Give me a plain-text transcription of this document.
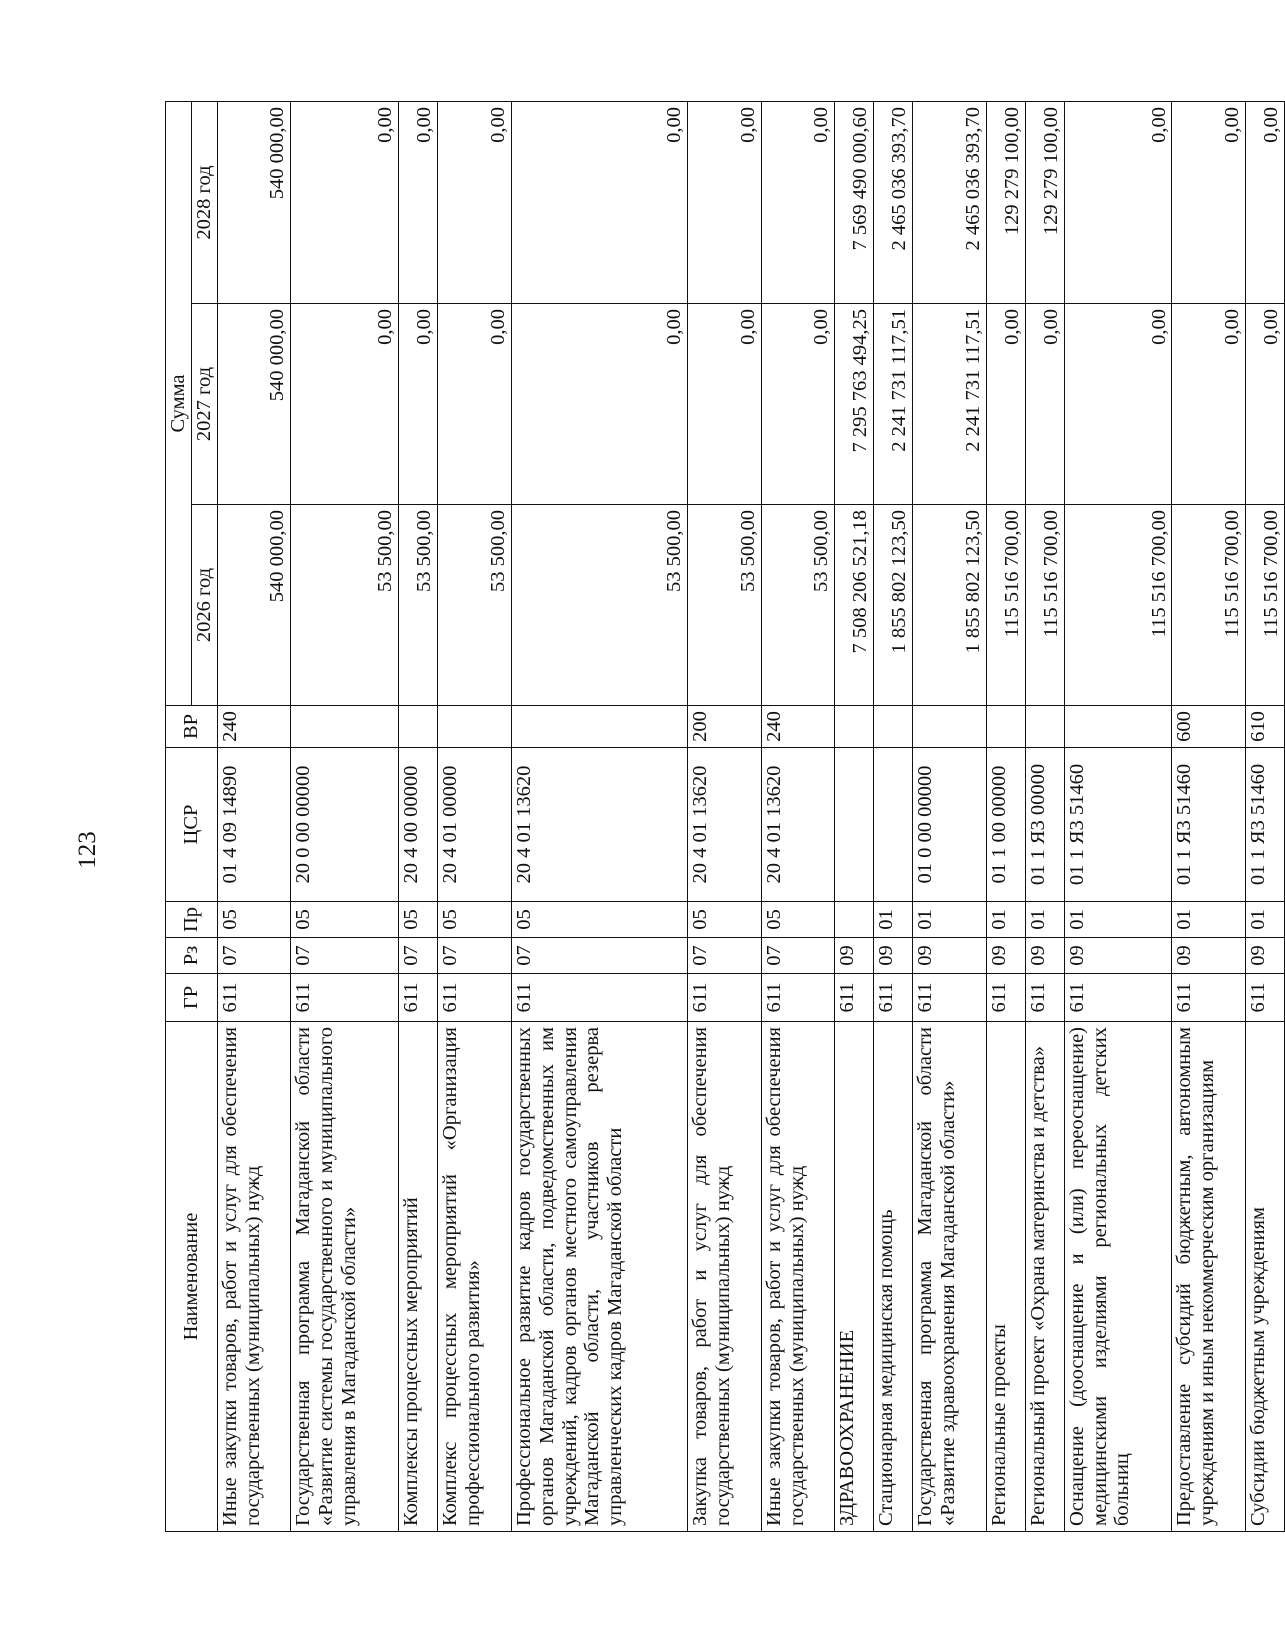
123
Наименование	ГР	Рз	Пр	ЦСР	ВР	Сумма		
						2026 год	2027 год	2028 год
Иные закупки товаров, работ и услуг для обеспечения государственных (муниципальных) нужд	611	07	05	01 4 09 14890	240	540 000,00	540 000,00	540 000,00
Государственная программа Магаданской области «Развитие системы государственного и муниципального управления в Магаданской области»	611	07	05	20 0 00 00000		53 500,00	0,00	0,00
Комплексы процессных мероприятий	611	07	05	20 4 00 00000		53 500,00	0,00	0,00
Комплекс процессных мероприятий «Организация профессионального развития»	611	07	05	20 4 01 00000		53 500,00	0,00	0,00
Профессиональное развитие кадров государственных органов Магаданской области, подведомственных им учреждений, кадров органов местного самоуправления Магаданской области, участников резерва управленческих кадров Магаданской области	611	07	05	20 4 01 13620		53 500,00	0,00	0,00
Закупка товаров, работ и услуг для обеспечения государственных (муниципальных) нужд	611	07	05	20 4 01 13620	200	53 500,00	0,00	0,00
Иные закупки товаров, работ и услуг для обеспечения государственных (муниципальных) нужд	611	07	05	20 4 01 13620	240	53 500,00	0,00	0,00
ЗДРАВООХРАНЕНИЕ	611	09				7 508 206 521,18	7 295 763 494,25	7 569 490 000,60
Стационарная медицинская помощь	611	09	01			1 855 802 123,50	2 241 731 117,51	2 465 036 393,70
Государственная программа Магаданской области «Развитие здравоохранения Магаданской области»	611	09	01	01 0 00 00000		1 855 802 123,50	2 241 731 117,51	2 465 036 393,70
Региональные проекты	611	09	01	01 1 00 00000		115 516 700,00	0,00	129 279 100,00
Региональный проект «Охрана материнства и детства»	611	09	01	01 1 Я3 00000		115 516 700,00	0,00	129 279 100,00
Оснащение (дооснащение и (или) переоснащение) медицинскими изделиями региональных детских больниц	611	09	01	01 1 Я3 51460		115 516 700,00	0,00	0,00
Предоставление субсидий бюджетным, автономным учреждениям и иным некоммерческим организациям	611	09	01	01 1 Я3 51460	600	115 516 700,00	0,00	0,00
Субсидии бюджетным учреждениям	611	09	01	01 1 Я3 51460	610	115 516 700,00	0,00	0,00
